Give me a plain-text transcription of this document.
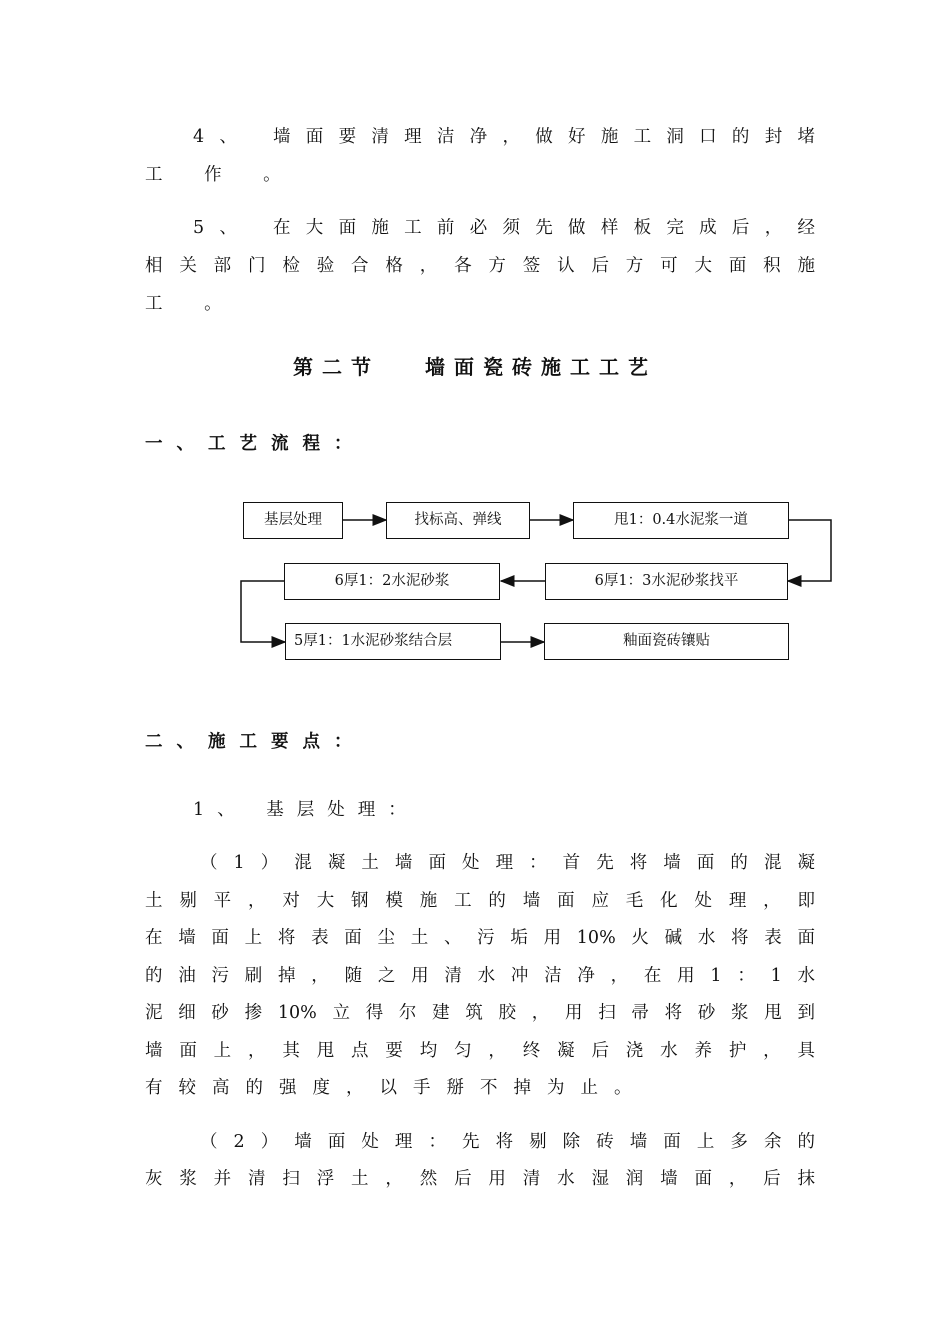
4、 墙面要清理洁净，做好施工洞口的封堵
工 作 。
5、 在大面施工前必须先做样板完成后，经
相关部门检验合格，各方签认后方可大面积施
工 。
第二节　 墙面瓷砖施工工艺
一、工艺流程：
基层处理	找标高、弹线	甩1：0.4水泥浆一道
6厚1：3水泥砂浆找平
6厚1：2水泥砂浆
5厚1：1水泥砂浆结合层	釉面瓷砖镶贴
二、施工要点：
1、 基层处理：
（1）混凝土墙面处理：首先将墙面的混凝
土剔平，对大钢模施工的墙面应毛化处理，即
在墙面上将表面尘土、污垢用10%火碱水将表面
的油污刷掉，随之用清水冲洁净，在用1：1水
泥细砂掺10%立得尔建筑胶，用扫帚将砂浆甩到
墙面上，其甩点要均匀，终凝后浇水养护，具
有较高的强度，以手掰不掉为止。
（2）墙面处理：先将剔除砖墙面上多余的
灰浆并清扫浮土，然后用清水湿润墙面，后抹
